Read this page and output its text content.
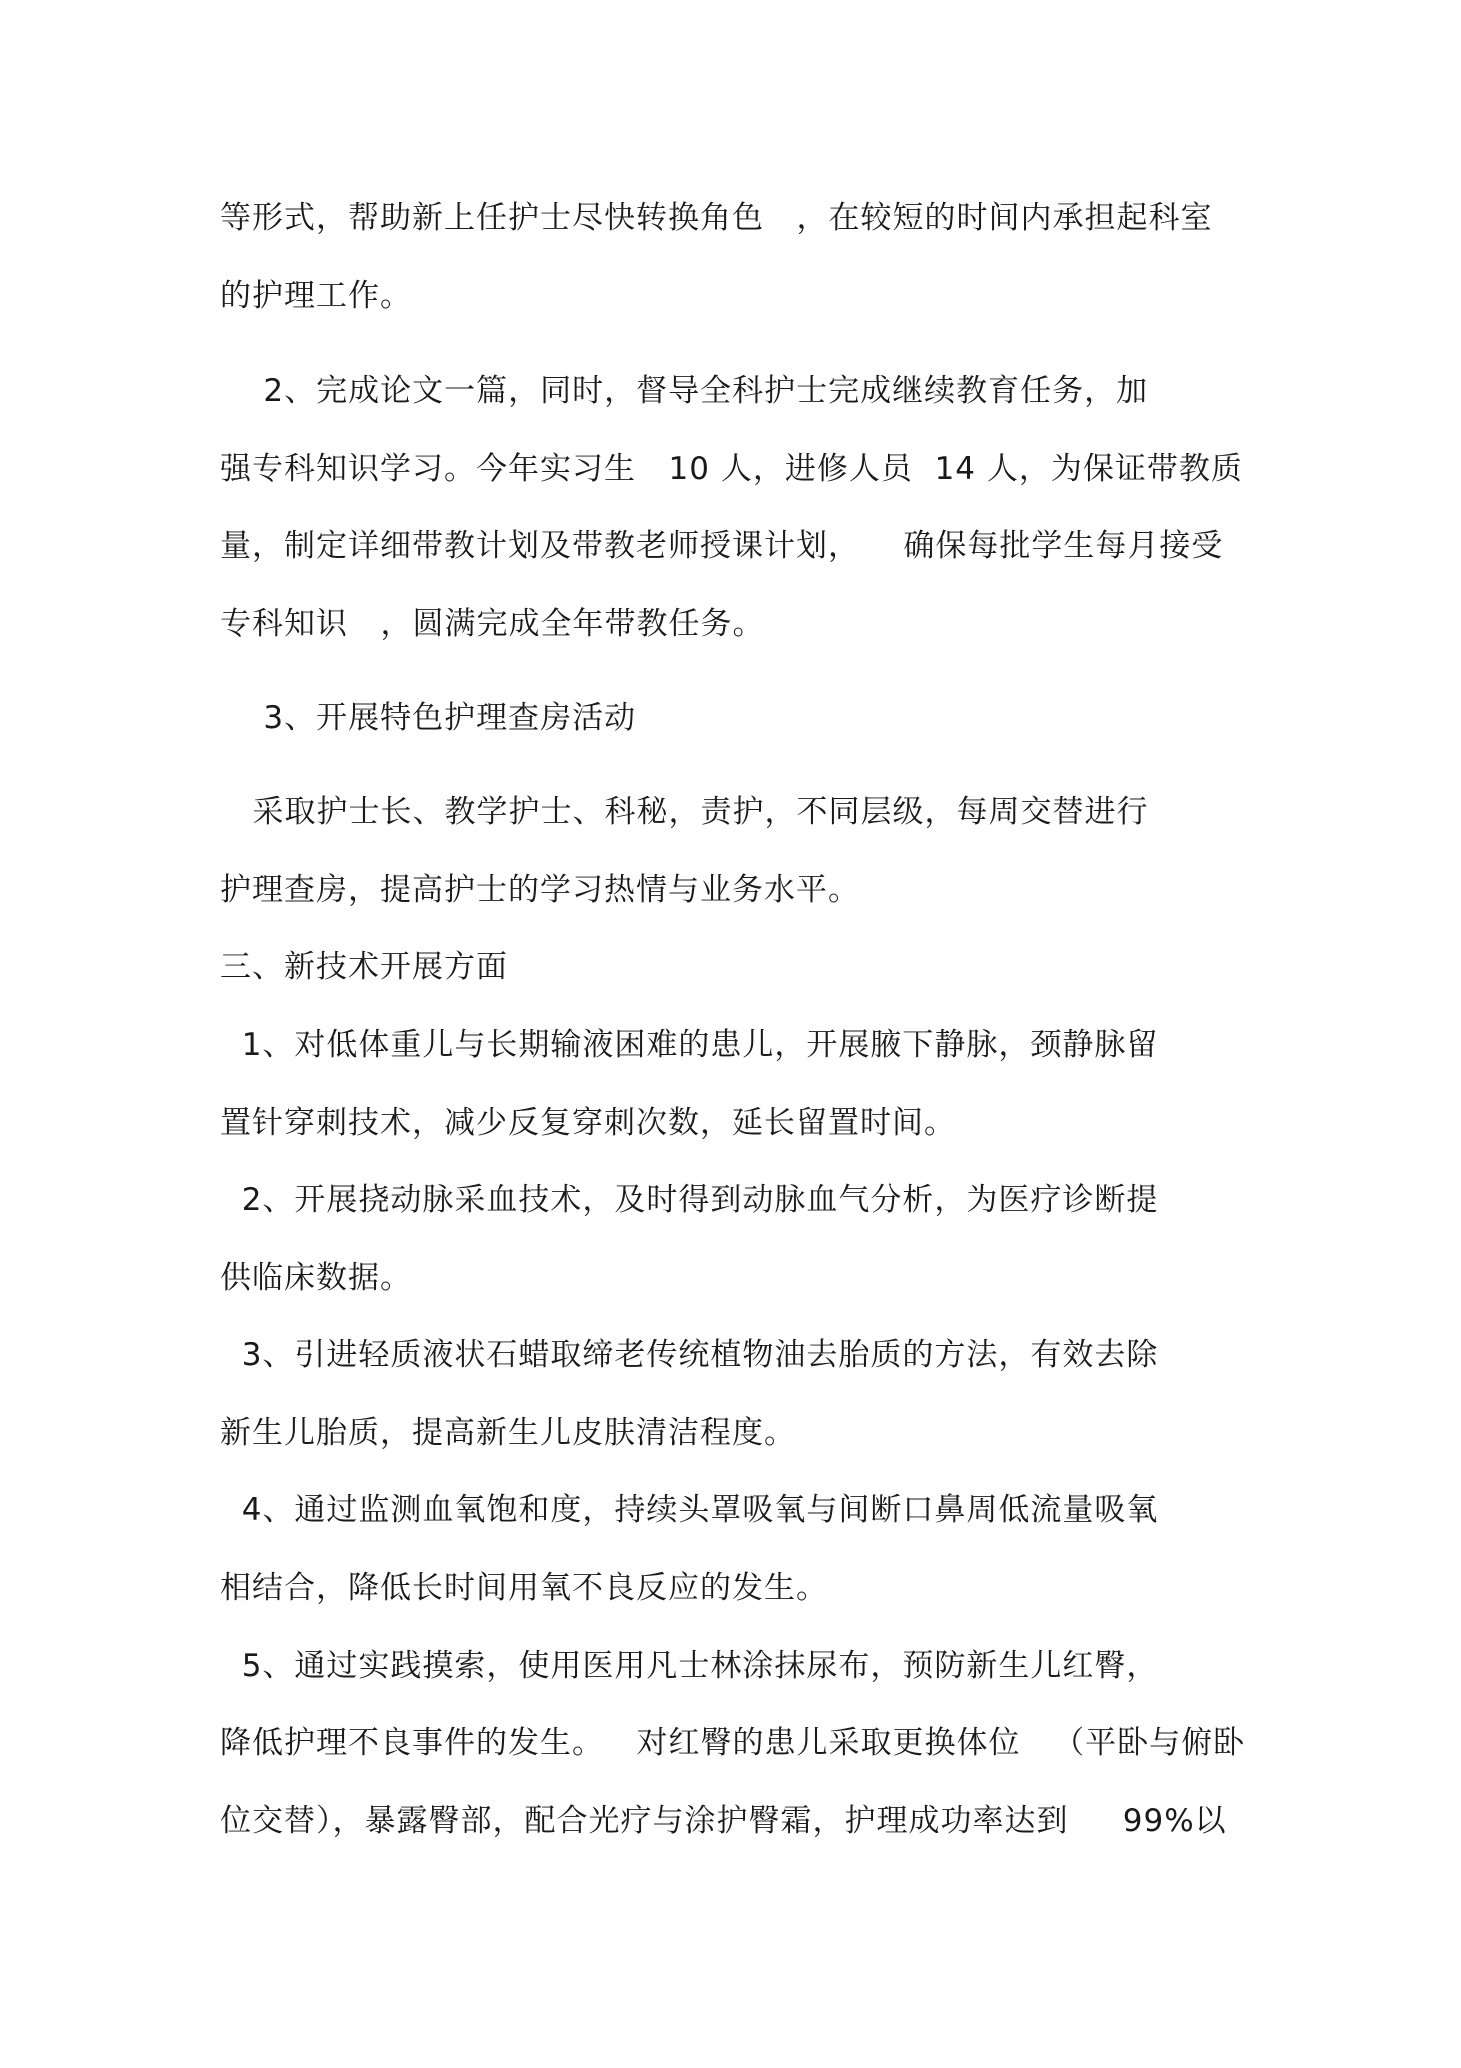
等形式，帮助新上任护士尽快转换角色   ，在较短的时间内承担起科室
的护理工作。
2、完成论文一篇，同时，督导全科护士完成继续教育任务，加
强专科知识学习。今年实习生   10 人，进修人员  14 人，为保证带教质
量，制定详细带教计划及带教老师授课计划，    确保每批学生每月接受
专科知识   ，圆满完成全年带教任务。
3、开展特色护理查房活动
采取护士长、教学护士、科秘，责护，不同层级，每周交替进行
护理查房，提高护士的学习热情与业务水平。
三、新技术开展方面
1、对低体重儿与长期输液困难的患儿，开展腋下静脉，颈静脉留
置针穿刺技术，减少反复穿刺次数，延长留置时间。
2、开展挠动脉采血技术，及时得到动脉血气分析，为医疗诊断提
供临床数据。
3、引进轻质液状石蜡取缔老传统植物油去胎质的方法，有效去除
新生儿胎质，提高新生儿皮肤清洁程度。
4、通过监测血氧饱和度，持续头罩吸氧与间断口鼻周低流量吸氧
相结合，降低长时间用氧不良反应的发生。
5、通过实践摸索，使用医用凡士林涂抹尿布，预防新生儿红臀，
降低护理不良事件的发生。   对红臀的患儿采取更换体位   （平卧与俯卧
位交替），暴露臀部，配合光疗与涂护臀霜，护理成功率达到     99%以
